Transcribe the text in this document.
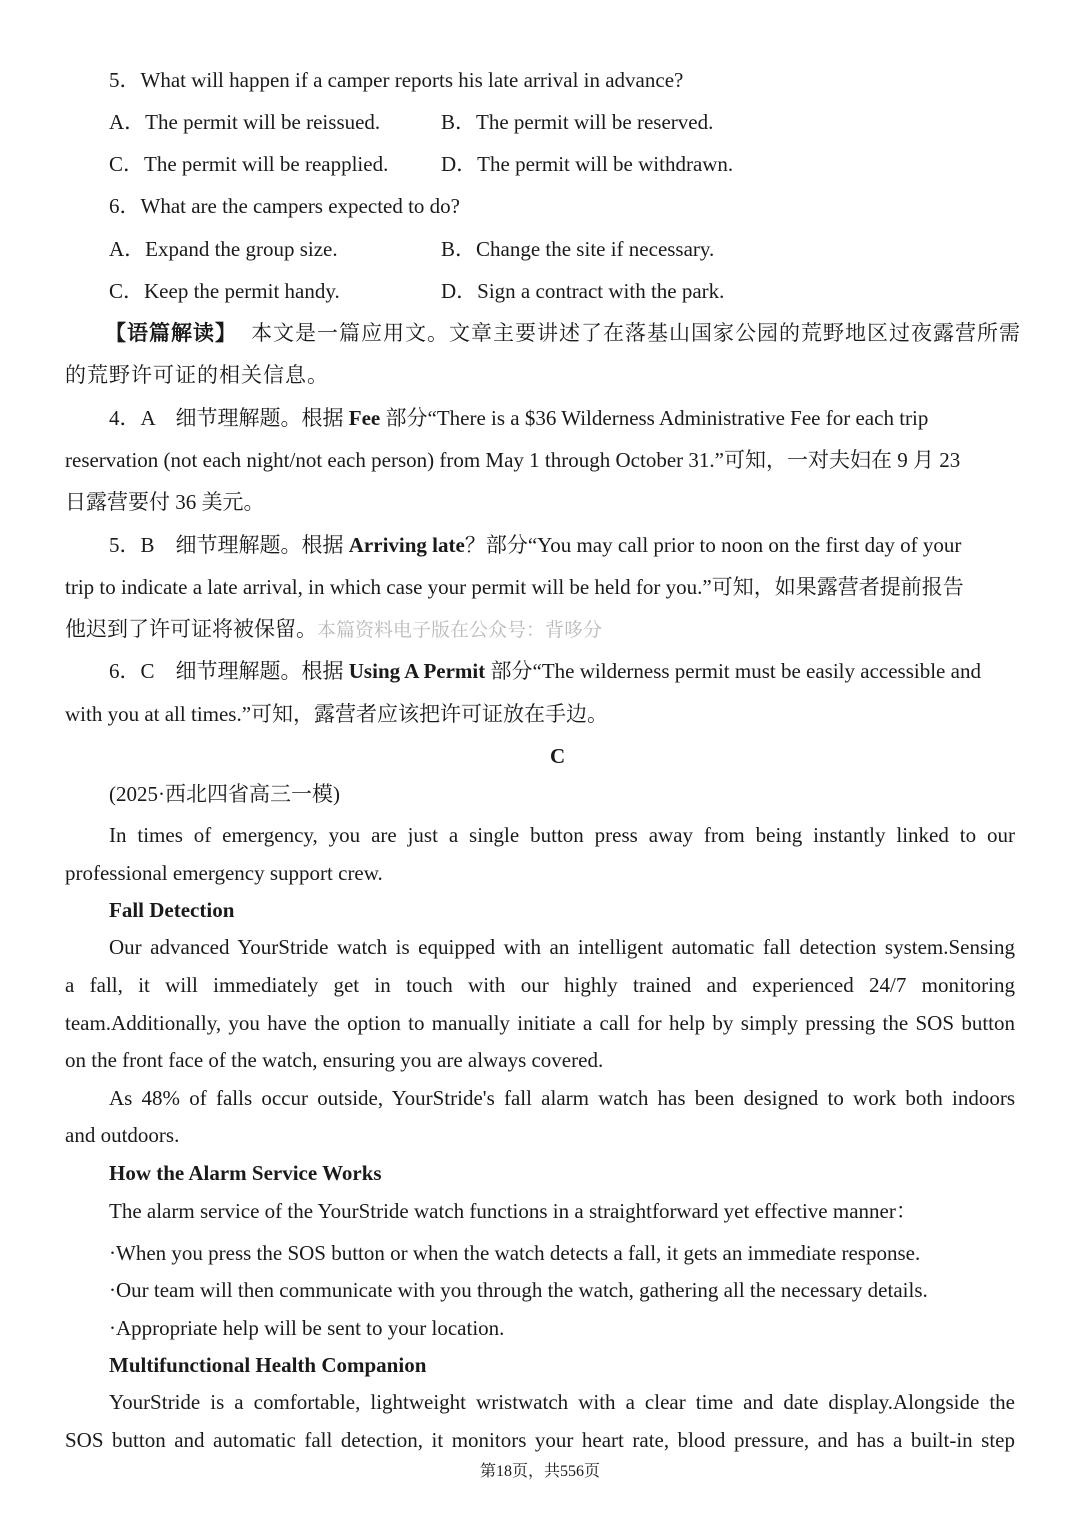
5．What will happen if a camper reports his late arrival in advance?
A．The permit will be reissued.	B．The permit will be reserved.
C．The permit will be reapplied.	D．The permit will be withdrawn.
6．What are the campers expected to do?
A．Expand the group size.	B．Change the site if necessary.
C．Keep the permit handy.	D．Sign a contract with the park.
【语篇解读】 本文是一篇应用文。文章主要讲述了在落基山国家公园的荒野地区过夜露营所需
的荒野许可证的相关信息。
4．A　细节理解题。根据 Fee 部分“There is a $36 Wilderness Administrative Fee for each trip
reservation (not each night/not each person) from May 1 through October 31.”可知，一对夫妇在 9 月 23
日露营要付 36 美元。
5．B　细节理解题。根据 Arriving late？部分“You may call prior to noon on the first day of your
trip to indicate a late arrival, in which case your permit will be held for you.”可知，如果露营者提前报告
他迟到了许可证将被保留。本篇资料电子版在公众号：背哆分
6．C　细节理解题。根据 Using A Permit 部分“The wilderness permit must be easily accessible and
with you at all times.”可知，露营者应该把许可证放在手边。
C
(2025·西北四省高三一模)
In times of emergency, you are just a single button press away from being instantly linked to our
professional emergency support crew.
Fall Detection
Our advanced YourStride watch is equipped with an intelligent automatic fall detection system.Sensing
a fall, it will immediately get in touch with our highly trained and experienced 24/7 monitoring
team.Additionally, you have the option to manually initiate a call for help by simply pressing the SOS button
on the front face of the watch, ensuring you are always covered.
As 48% of falls occur outside, YourStride's fall alarm watch has been designed to work both indoors
and outdoors.
How the Alarm Service Works
The alarm service of the YourStride watch functions in a straightforward yet effective manner：
·When you press the SOS button or when the watch detects a fall, it gets an immediate response.
·Our team will then communicate with you through the watch, gathering all the necessary details.
·Appropriate help will be sent to your location.
Multifunctional Health Companion
YourStride is a comfortable, lightweight wristwatch with a clear time and date display.Alongside the
SOS button and automatic fall detection, it monitors your heart rate, blood pressure, and has a built-in step
第18页，共556页
